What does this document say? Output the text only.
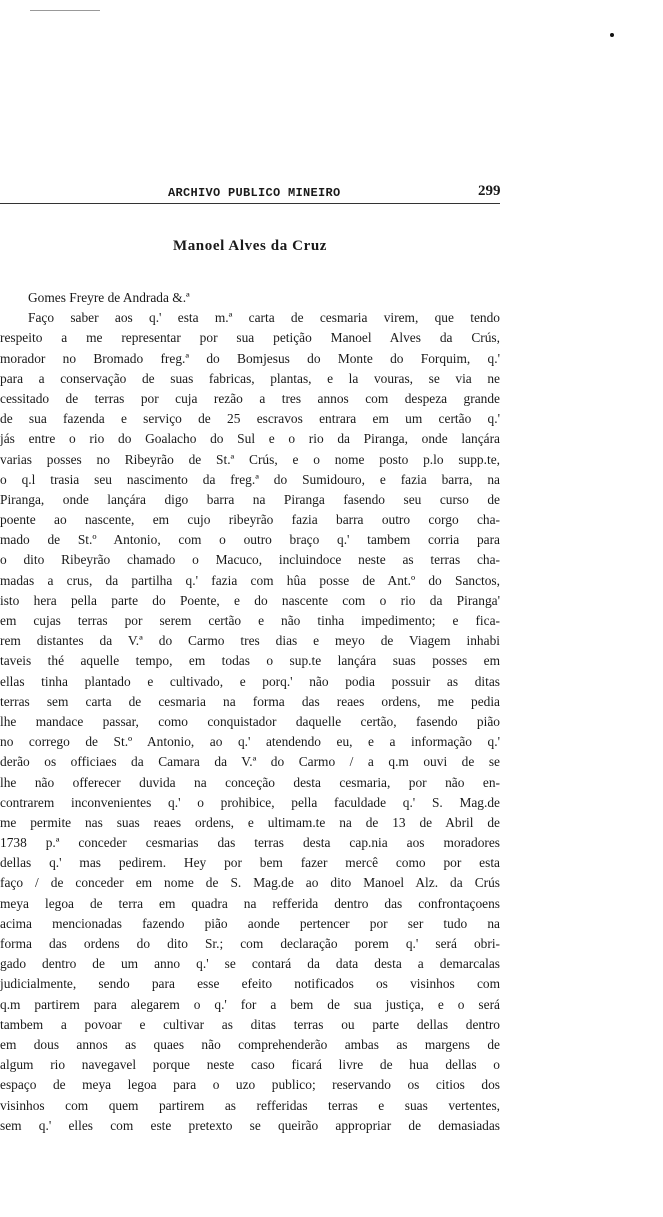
ARCHIVO PUBLICO MINEIRO	299
Manoel Alves da Cruz
Gomes Freyre de Andrada &.ª
Faço saber aos q.' esta m.ª carta de cesmaria virem, que tendo
respeito a me representar por sua petição Manoel Alves da Crús,
morador no Bromado freg.ª do Bomjesus do Monte do Forquim, q.'
para a conservação de suas fabricas, plantas, e la vouras, se via ne
cessitado de terras por cuja rezão a tres annos com despeza grande
de sua fazenda e serviço de 25 escravos entrara em um certão q.'
jás entre o rio do Goalacho do Sul e o rio da Piranga, onde lançára
varias posses no Ribeyrão de St.ª Crús, e o nome posto p.lo supp.te,
o q.l trasia seu nascimento da freg.ª do Sumidouro, e fazia barra, na
Piranga, onde lançára digo barra na Piranga fasendo seu curso de
poente ao nascente, em cujo ribeyrão fazia barra outro corgo cha-
mado de St.º Antonio, com o outro braço q.' tambem corria para
o dito Ribeyrão chamado o Macuco, incluindoce neste as terras cha-
madas a crus, da partilha q.' fazia com hûa posse de Ant.º do Sanctos,
isto hera pella parte do Poente, e do nascente com o rio da Piranga'
em cujas terras por serem certão e não tinha impedimento; e fica-
rem distantes da V.ª do Carmo tres dias e meyo de Viagem inhabi
taveis thé aquelle tempo, em todas o sup.te lançára suas posses em
ellas tinha plantado e cultivado, e porq.' não podia possuir as ditas
terras sem carta de cesmaria na forma das reaes ordens, me pedia
lhe mandace passar, como conquistador daquelle certão, fasendo pião
no corrego de St.º Antonio, ao q.' atendendo eu, e a informação q.'
derão os officiaes da Camara da V.ª do Carmo / a q.m ouvi de se
lhe não offerecer duvida na conceção desta cesmaria, por não en-
contrarem inconvenientes q.' o prohibice, pella faculdade q.' S. Mag.de
me permite nas suas reaes ordens, e ultimam.te na de 13 de Abril de
1738 p.ª conceder cesmarias das terras desta cap.nia aos moradores
dellas q.' mas pedirem. Hey por bem fazer mercê como por esta
faço / de conceder em nome de S. Mag.de ao dito Manoel Alz. da Crús
meya legoa de terra em quadra na refferida dentro das confrontaçoens
acima mencionadas fazendo pião aonde pertencer por ser tudo na
forma das ordens do dito Sr.; com declaração porem q.' será obri-
gado dentro de um anno q.' se contará da data desta a demarcalas
judicialmente, sendo para esse efeito notificados os visinhos com
q.m partirem para alegarem o q.' for a bem de sua justiça, e o será
tambem a povoar e cultivar as ditas terras ou parte dellas dentro
em dous annos as quaes não comprehenderão ambas as margens de
algum rio navegavel porque neste caso ficará livre de hua dellas o
espaço de meya legoa para o uzo publico; reservando os citios dos
visinhos com quem partirem as refferidas terras e suas vertentes,
sem q.' elles com este pretexto se queirão appropriar de demasiadas
